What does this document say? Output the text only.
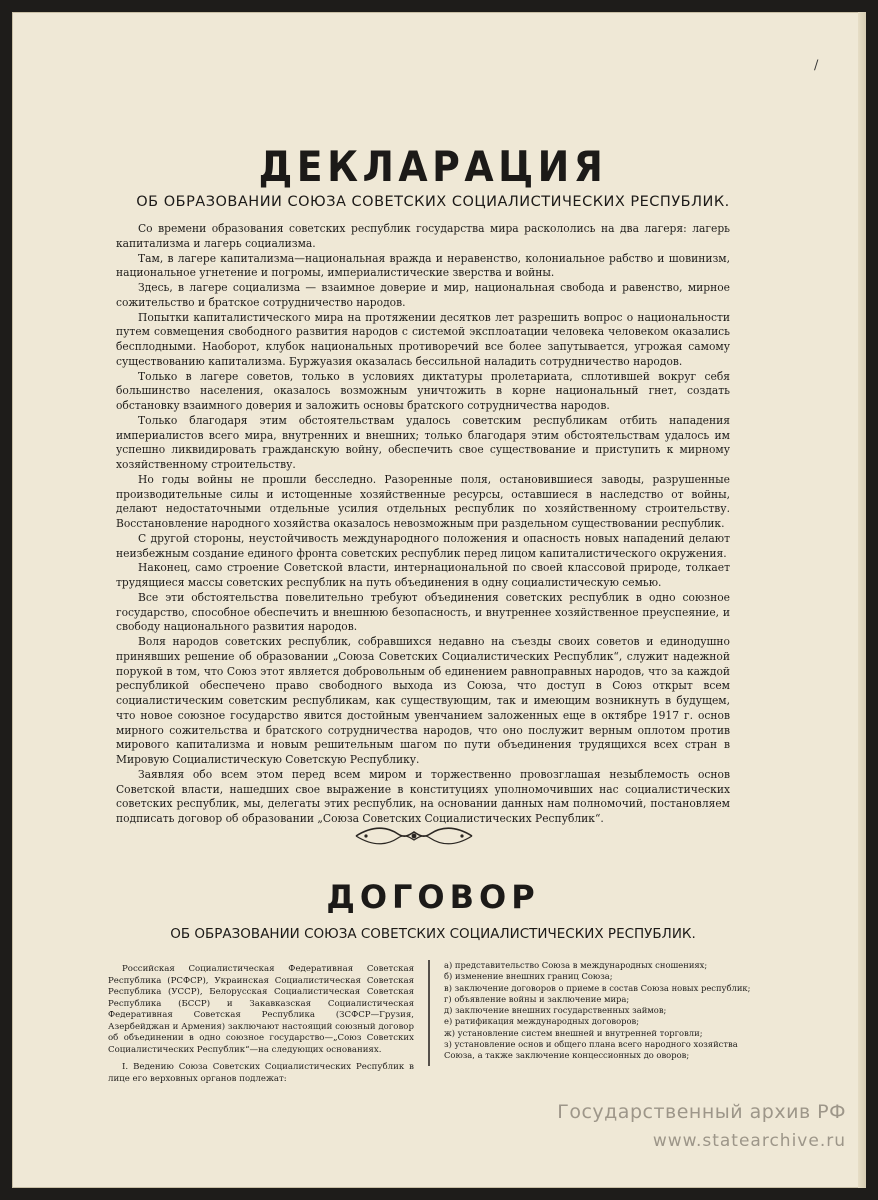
/
ДЕКЛАРАЦИЯ
ОБ ОБРАЗОВАНИИ СОЮЗА СОВЕТСКИХ СОЦИАЛИСТИЧЕСКИХ РЕСПУБЛИК.

Со времени образования советских республик государства мира раскололись на два лагеря: лагерь капитализма и лагерь социализма.

Там, в лагере капитализма—национальная вражда и неравенство, колониальное рабство и шовинизм, национальное угнетение и погромы, империалистические зверства и войны.

Здесь, в лагере социализма — взаимное доверие и мир, национальная свобода и равенство, мирное сожительство и братское сотрудничество народов.

Попытки капиталистического мира на протяжении десятков лет разрешить вопрос о национальности путем совмещения свободного развития народов с системой эксплоатации человека человеком оказались бесплодными. Наоборот, клубок национальных противоречий все более запутывается, угрожая самому существованию капитализма. Буржуазия оказалась бессильной наладить сотрудничество народов.

Только в лагере советов, только в условиях диктатуры пролетариата, сплотившей вокруг себя большинство населения, оказалось возможным уничтожить в корне национальный гнет, создать обстановку взаимного доверия и заложить основы братского сотрудничества народов.

Только благодаря этим обстоятельствам удалось советским республикам отбить нападения империалистов всего мира, внутренних и внешних; только благодаря этим обстоятельствам удалось им успешно ликвидировать гражданскую войну, обеспечить свое существование и приступить к мирному хозяйственному строительству.

Но годы войны не прошли бесследно. Разоренные поля, остановившиеся заводы, разрушенные производительные силы и истощенные хозяйственные ресурсы, оставшиеся в наследство от войны, делают недостаточными отдельные усилия отдельных республик по хозяйственному строительству. Восстановление народного хозяйства оказалось невозможным при раздельном существовании республик.

С другой стороны, неустойчивость международного положения и опасность новых нападений делают неизбежным создание единого фронта советских республик перед лицом капиталистического окружения.

Наконец, само строение Советской власти, интернациональной по своей классовой природе, толкает трудящиеся массы советских республик на путь объединения в одну социалистическую семью.

Все эти обстоятельства повелительно требуют объединения советских республик в одно союзное государство, способное обеспечить и внешнюю безопасность, и внутреннее хозяйственное преуспеяние, и свободу национального развития народов.

Воля народов советских республик, собравшихся недавно на съезды своих советов и единодушно принявших решение об образовании „Союза Советских Социалистических Республик“, служит надежной порукой в том, что Союз этот является добровольным об единением равноправных народов, что за каждой республикой обеспечено право свободного выхода из Союза, что доступ в Союз открыт всем социалистическим советским республикам, как существующим, так и имеющим возникнуть в будущем, что новое союзное государство явится достойным увенчанием заложенных еще в октябре 1917 г. основ мирного сожительства и братского сотрудничества народов, что оно послужит верным оплотом против мирового капитализма и новым решительным шагом по пути объединения трудящихся всех стран в Мировую Социалистическую Советскую Республику.

Заявляя обо всем этом перед всем миром и торжественно провозглашая незыблемость основ Советской власти, нашедших свое выражение в конституциях уполномочивших нас социалистических советских республик, мы, делегаты этих республик, на основании данных нам полномочий, постановляем подписать договор об образовании „Союза Советских Социалистических Республик“.

ДОГОВОР
ОБ ОБРАЗОВАНИИ СОЮЗА СОВЕТСКИХ СОЦИАЛИСТИЧЕСКИХ РЕСПУБЛИК.

Российская Социалистическая Федеративная Советская Республика (РСФСР), Украинская Социалистическая Советская Республика (УССР), Белорусская Социалистическая Советская Республика (БССР) и Закавказская Социалистическая Федеративная Советская Республика (ЗСФСР—Грузия, Азербейджан и Армения) заключают настоящий союзный договор об объединении в одно союзное государство—„Союз Советских Социалистических Республик“—на следующих основаниях.

I. Ведению Союза Советских Социалистических Республик в лице его верховных органов подлежат:

а) представительство Союза в международных сношениях;
б) изменение внешних границ Союза;
в) заключение договоров о приеме в состав Союза новых республик;
г) объявление войны и заключение мира;
д) заключение внешних государственных займов;
е) ратификация международных договоров;
ж) установление систем внешней и внутренней торговли;
з) установление основ и общего плана всего народного хозяйства Союза, а также заключение концессионных до оворов;
Государственный архив РФ
www.statearchive.ru
